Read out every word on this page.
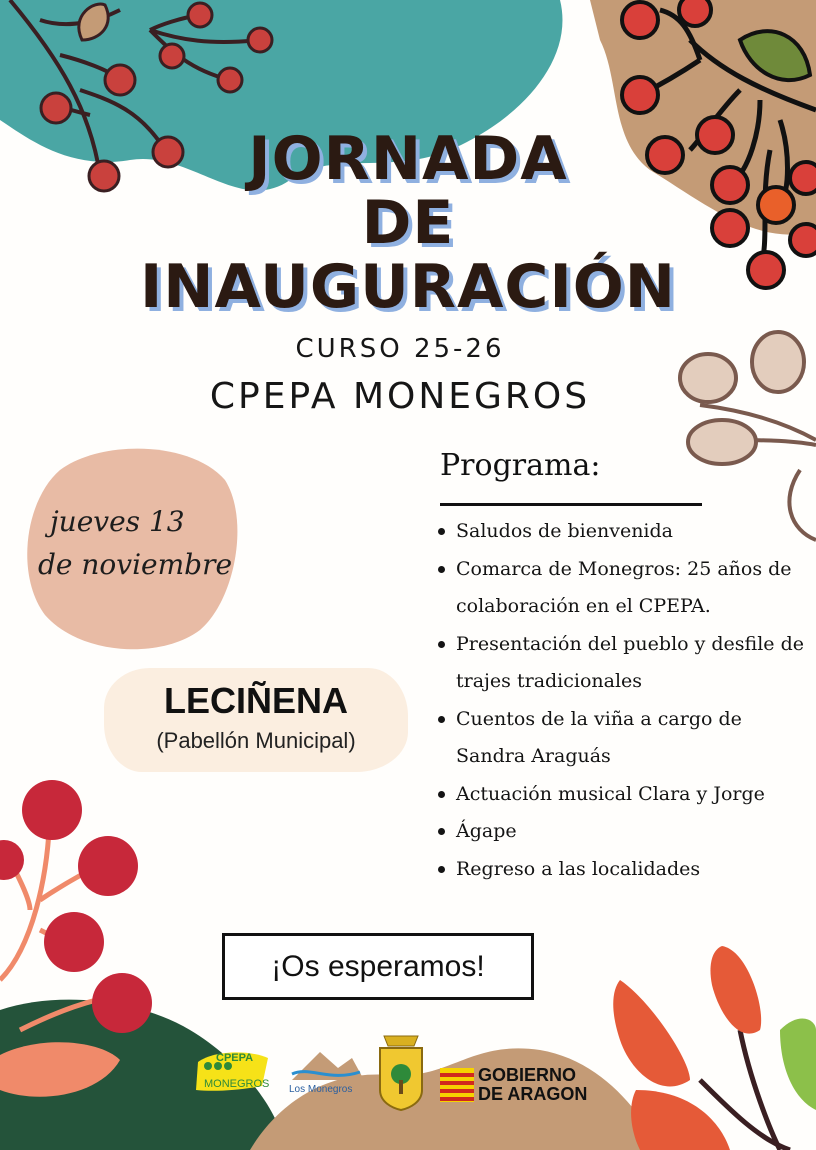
JORNADA
DE
INAUGURACIÓN
CURSO 25-26
CPEPA MONEGROS
jueves 13
de noviembre
LECIÑENA
(Pabellón Municipal)
Programa:
Saludos de bienvenida
Comarca de Monegros: 25 años de colaboración en el CPEPA.
Presentación del pueblo y desfile de trajes tradicionales
Cuentos de la viña a cargo de Sandra Araguás
Actuación musical Clara y Jorge
Ágape
Regreso a las localidades
¡Os esperamos!
CPEPA
MONEGROS Los Monegros
GOBIERNO
DE ARAGON
